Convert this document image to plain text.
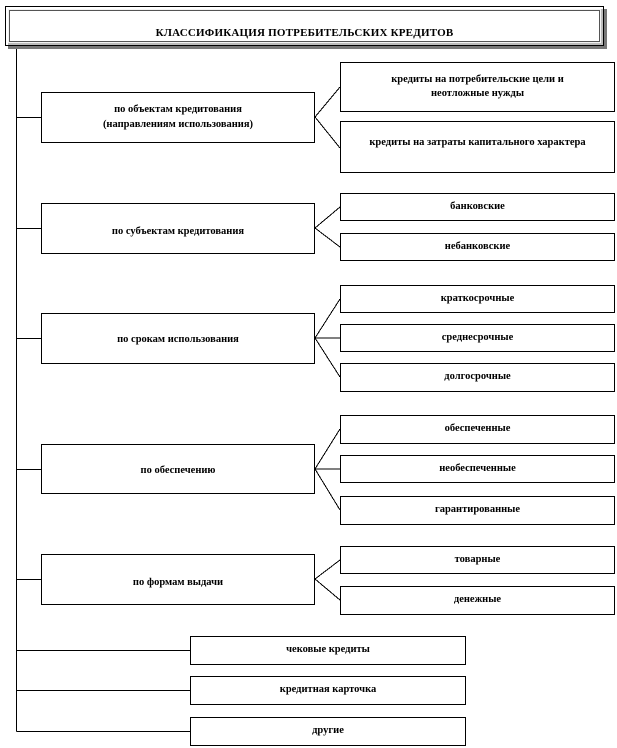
КЛАССИФИКАЦИЯ ПОТРЕБИТЕЛЬСКИХ КРЕДИТОВ
по объектам кредитования
(направлениям использования)
кредиты на потребительские цели и
неотложные нужды
кредиты на затраты капитального характера
по субъектам кредитования
банковские
небанковские
по срокам использования
краткосрочные
среднесрочные
долгосрочные
по обеспечению
обеспеченные
необеспеченные
гарантированные
по формам выдачи
товарные
денежные
чековые кредиты
кредитная карточка
другие
